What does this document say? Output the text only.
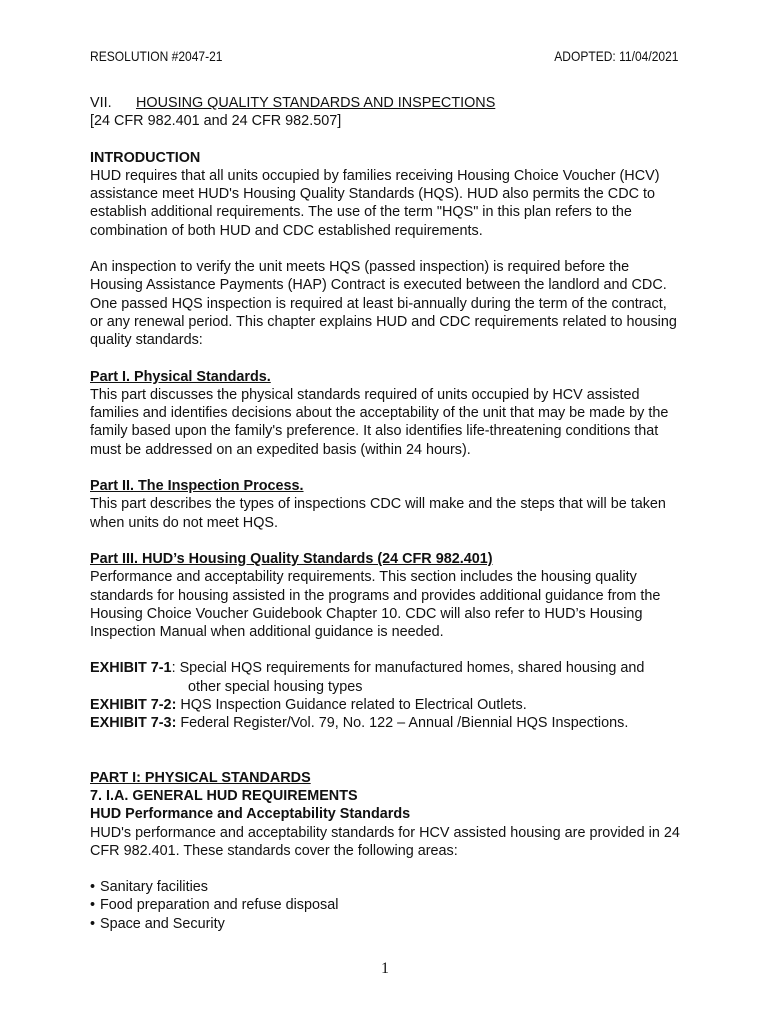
RESOLUTION #2047-21	ADOPTED: 11/04/2021

VII. HOUSING QUALITY STANDARDS AND INSPECTIONS

[24 CFR 982.401 and 24 CFR 982.507]

INTRODUCTION

HUD requires that all units occupied by families receiving Housing Choice Voucher (HCV) assistance meet HUD's Housing Quality Standards (HQS). HUD also permits the CDC to establish additional requirements. The use of the term "HQS" in this plan refers to the combination of both HUD and CDC established requirements.

An inspection to verify the unit meets HQS (passed inspection) is required before the Housing Assistance Payments (HAP) Contract is executed between the landlord and CDC. One passed HQS inspection is required at least bi-annually during the term of the contract, or any renewal period. This chapter explains HUD and CDC requirements related to housing quality standards:

Part I. Physical Standards.

This part discusses the physical standards required of units occupied by HCV assisted families and identifies decisions about the acceptability of the unit that may be made by the family based upon the family's preference. It also identifies life-threatening conditions that must be addressed on an expedited basis (within 24 hours).

Part II. The Inspection Process.

This part describes the types of inspections CDC will make and the steps that will be taken when units do not meet HQS.

Part III. HUD’s Housing Quality Standards (24 CFR 982.401)

Performance and acceptability requirements. This section includes the housing quality standards for housing assisted in the programs and provides additional guidance from the Housing Choice Voucher Guidebook Chapter 10. CDC will also refer to HUD’s Housing Inspection Manual when additional guidance is needed.

EXHIBIT 7-1: Special HQS requirements for manufactured homes, shared housing and

other special housing types

EXHIBIT 7-2: HQS Inspection Guidance related to Electrical Outlets.

EXHIBIT 7-3: Federal Register/Vol. 79, No. 122 – Annual /Biennial HQS Inspections.

PART I: PHYSICAL STANDARDS

7. I.A. GENERAL HUD REQUIREMENTS

HUD Performance and Acceptability Standards

HUD's performance and acceptability standards for HCV assisted housing are provided in 24 CFR 982.401. These standards cover the following areas:

• Sanitary facilities
• Food preparation and refuse disposal
• Space and Security
1
